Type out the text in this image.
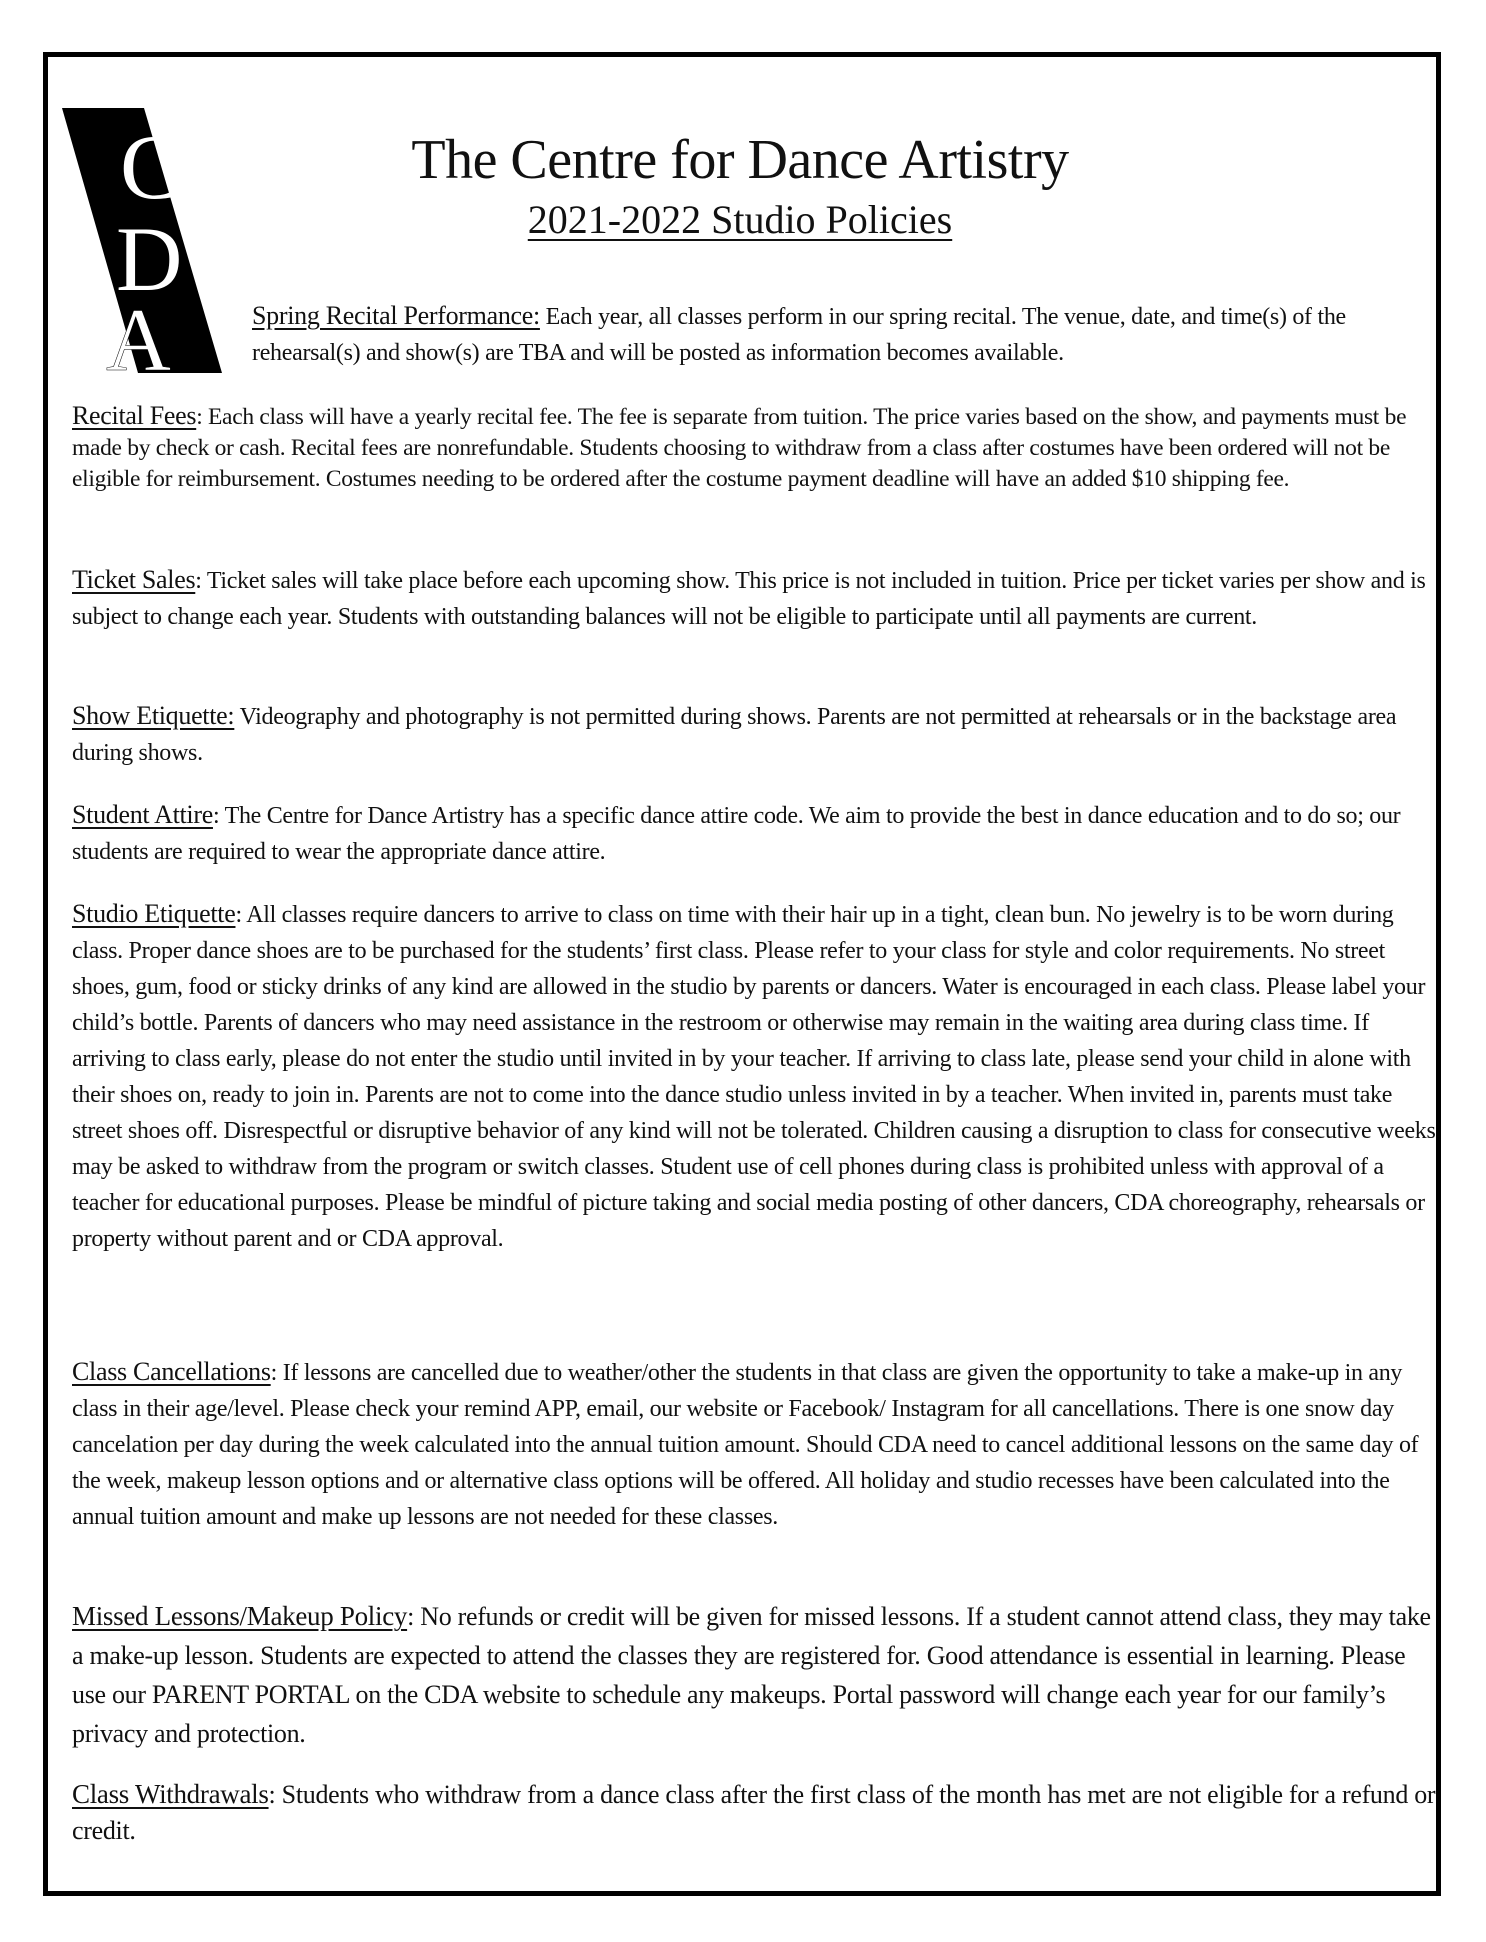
C
D
A
The Centre for Dance Artistry
2021-2022 Studio Policies

Spring Recital Performance: Each year, all classes perform in our spring recital. The venue, date, and time(s) of the rehearsal(s) and show(s) are TBA and will be posted as information becomes available.

Recital Fees: Each class will have a yearly recital fee. The fee is separate from tuition. The price varies based on the show, and payments must be made by check or cash. Recital fees are nonrefundable. Students choosing to withdraw from a class after costumes have been ordered will not be eligible for reimbursement. Costumes needing to be ordered after the costume payment deadline will have an added $10 shipping fee.

Ticket Sales: Ticket sales will take place before each upcoming show. This price is not included in tuition. Price per ticket varies per show and is subject to change each year. Students with outstanding balances will not be eligible to participate until all payments are current.

Show Etiquette: Videography and photography is not permitted during shows. Parents are not permitted at rehearsals or in the backstage area during shows.

Student Attire: The Centre for Dance Artistry has a specific dance attire code. We aim to provide the best in dance education and to do so; our students are required to wear the appropriate dance attire.

Studio Etiquette: All classes require dancers to arrive to class on time with their hair up in a tight, clean bun. No jewelry is to be worn during class. Proper dance shoes are to be purchased for the students’ first class. Please refer to your class for style and color requirements. No street shoes, gum, food or sticky drinks of any kind are allowed in the studio by parents or dancers. Water is encouraged in each class. Please label your child’s bottle. Parents of dancers who may need assistance in the restroom or otherwise may remain in the waiting area during class time. If arriving to class early, please do not enter the studio until invited in by your teacher. If arriving to class late, please send your child in alone with their shoes on, ready to join in. Parents are not to come into the dance studio unless invited in by a teacher. When invited in, parents must take street shoes off. Disrespectful or disruptive behavior of any kind will not be tolerated. Children causing a disruption to class for consecutive weeks may be asked to withdraw from the program or switch classes. Student use of cell phones during class is prohibited unless with approval of a teacher for educational purposes. Please be mindful of picture taking and social media posting of other dancers, CDA choreography, rehearsals or property without parent and or CDA approval.

Class Cancellations: If lessons are cancelled due to weather/other the students in that class are given the opportunity to take a make-up in any class in their age/level. Please check your remind APP, email, our website or Facebook/ Instagram for all cancellations. There is one snow day cancelation per day during the week calculated into the annual tuition amount. Should CDA need to cancel additional lessons on the same day of the week, makeup lesson options and or alternative class options will be offered. All holiday and studio recesses have been calculated into the annual tuition amount and make up lessons are not needed for these classes.

Missed Lessons/Makeup Policy: No refunds or credit will be given for missed lessons. If a student cannot attend class, they may take a make-up lesson. Students are expected to attend the classes they are registered for. Good attendance is essential in learning. Please use our PARENT PORTAL on the CDA website to schedule any makeups. Portal password will change each year for our family’s privacy and protection.

Class Withdrawals: Students who withdraw from a dance class after the first class of the month has met are not eligible for a refund or credit.
